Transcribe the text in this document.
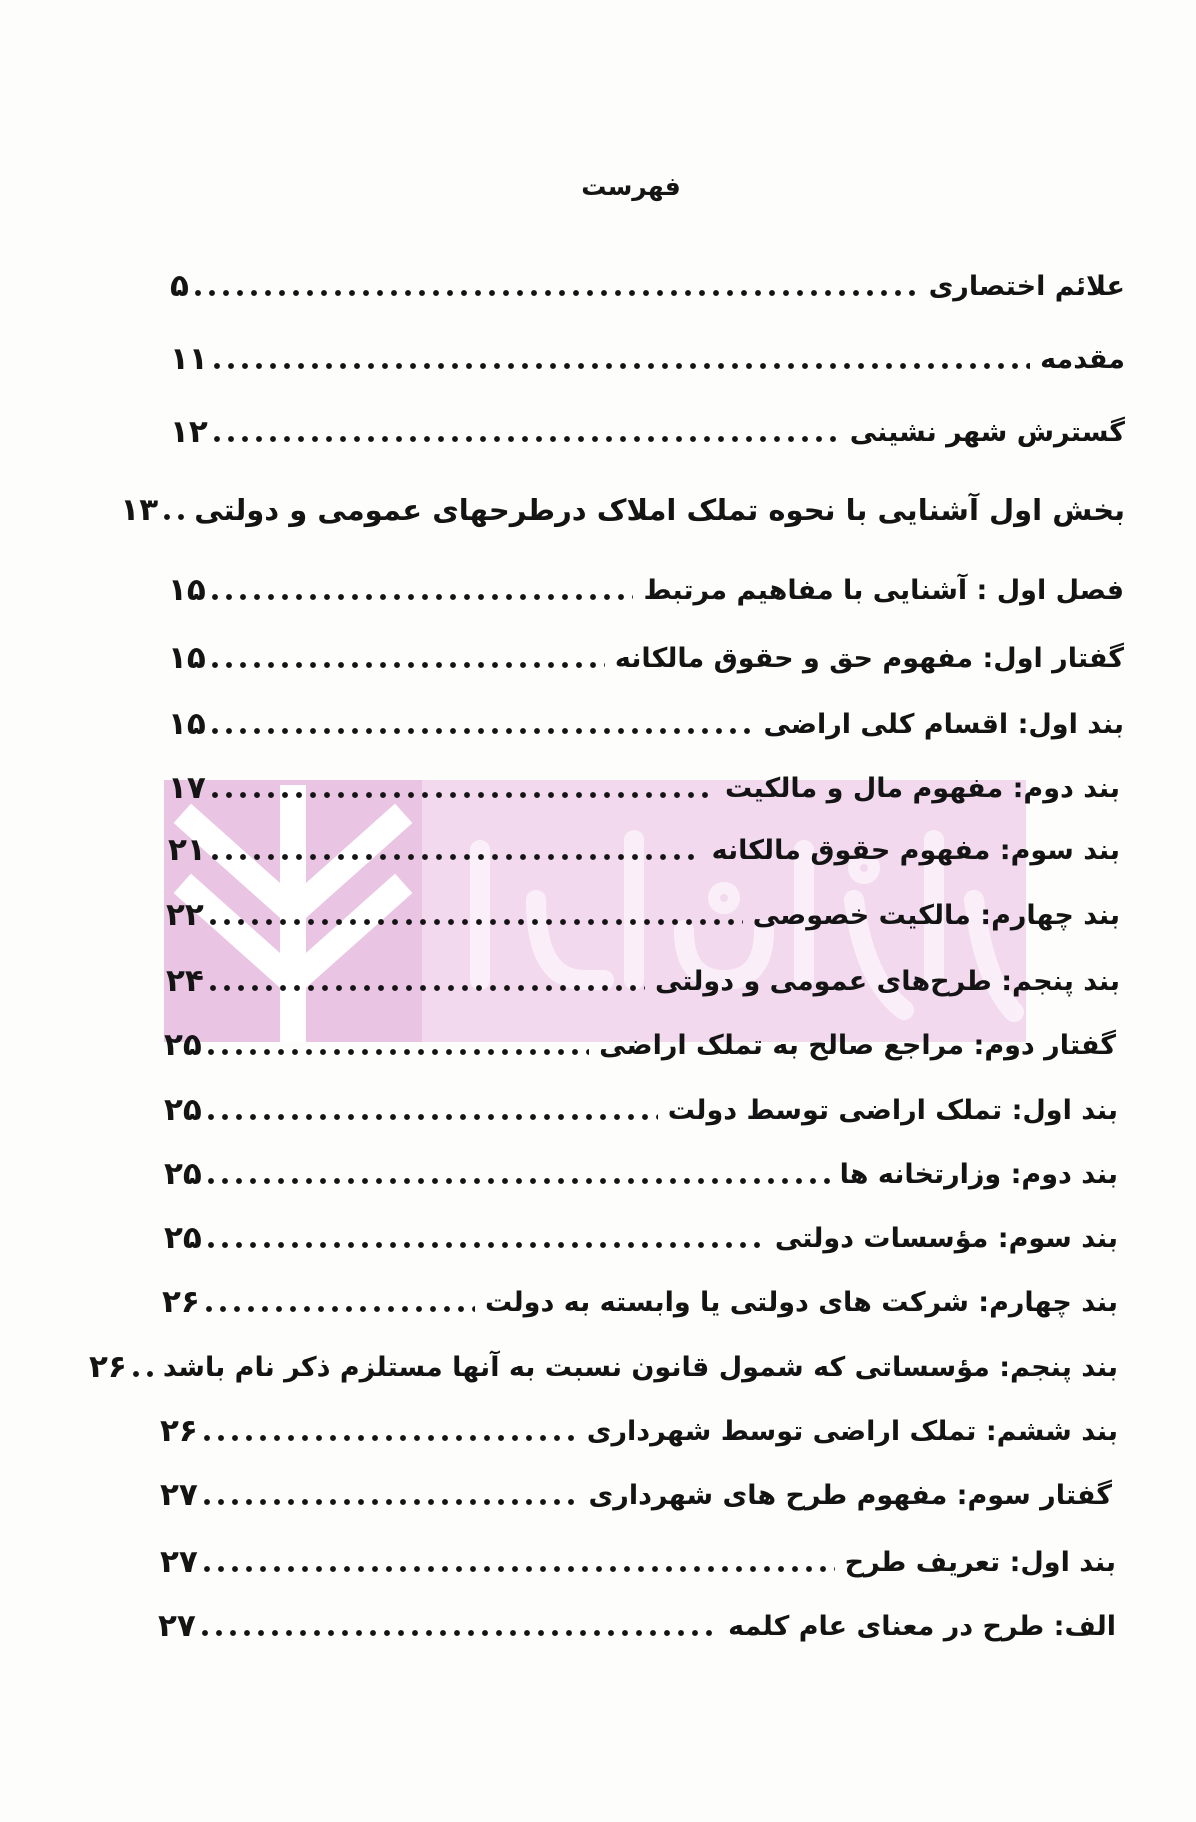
فهرست
علائم اختصاری
۵
مقدمه
۱۱
گسترش شهر نشینی
۱۲
بخش اول آشنایی با نحوه تملک املاک درطرحهای عمومی و دولتی
۱۳
فصل اول : آشنایی با مفاهیم مرتبط
۱۵
گفتار اول: مفهوم حق و حقوق مالکانه
۱۵
بند اول: اقسام کلی اراضی
۱۵
بند دوم: مفهوم مال و مالکیت
۱۷
بند سوم: مفهوم حقوق مالکانه
۲۱
بند چهارم: مالکیت خصوصی
۲۲
بند پنجم: طرح‌های عمومی و دولتی
۲۴
گفتار دوم: مراجع صالح به تملک اراضی
۲۵
بند اول: تملک اراضی توسط دولت
۲۵
بند دوم: وزارتخانه ها
۲۵
بند سوم: مؤسسات دولتی
۲۵
بند چهارم: شرکت های دولتی یا وابسته به دولت
۲۶
بند پنجم: مؤسساتی که شمول قانون نسبت به آنها مستلزم ذکر نام باشد
۲۶
بند ششم: تملک اراضی توسط شهرداری
۲۶
گفتار سوم: مفهوم طرح های شهرداری
۲۷
بند اول: تعریف طرح
۲۷
الف: طرح در معنای عام کلمه
۲۷
